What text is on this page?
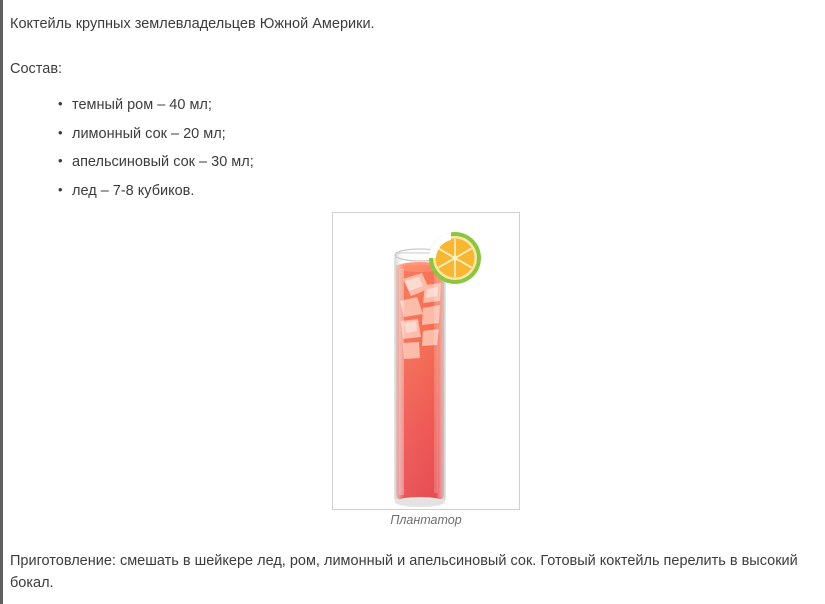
Коктейль крупных землевладельцев Южной Америки.

Состав:

• темный ром – 40 мл;
• лимонный сок – 20 мл;
• апельсиновый сок – 30 мл;
• лед – 7-8 кубиков.
Плантатор
Приготовление: смешать в шейкере лед, ром, лимонный и апельсиновый сок. Готовый коктейль перелить в высокий бокал.
